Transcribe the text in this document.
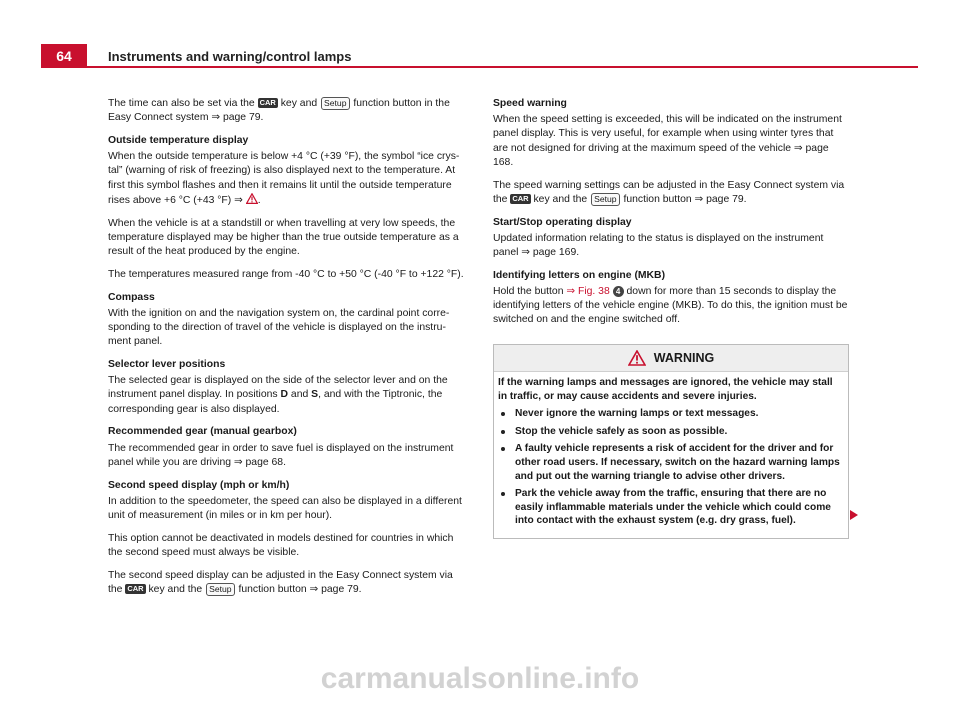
64	Instruments and warning/control lamps

The time can also be set via the CAR key and Setup function button in the Easy Connect system ⇒ page 79.

Outside temperature display

When the outside temperature is below +4 °C (+39 °F), the symbol “ice crystal” (warning of risk of freezing) is also displayed next to the temperature. At first this symbol flashes and then it remains lit until the outside temperature rises above +6 °C (+43 °F) ⇒ .

When the vehicle is at a standstill or when travelling at very low speeds, the temperature displayed may be higher than the true outside temperature as a result of the heat produced by the engine.

The temperatures measured range from -40 °C to +50 °C (-40 °F to +122 °F).

Compass

With the ignition on and the navigation system on, the cardinal point corresponding to the direction of travel of the vehicle is displayed on the instrument panel.

Selector lever positions

The selected gear is displayed on the side of the selector lever and on the instrument panel display. In positions D and S, and with the Tiptronic, the corresponding gear is also displayed.

Recommended gear (manual gearbox)

The recommended gear in order to save fuel is displayed on the instrument panel while you are driving ⇒ page 68.

Second speed display (mph or km/h)

In addition to the speedometer, the speed can also be displayed in a different unit of measurement (in miles or in km per hour).

This option cannot be deactivated in models destined for countries in which the second speed must always be visible.

The second speed display can be adjusted in the Easy Connect system via the CAR key and the Setup function button ⇒ page 79.

Speed warning

When the speed setting is exceeded, this will be indicated on the instrument panel display. This is very useful, for example when using winter tyres that are not designed for driving at the maximum speed of the vehicle ⇒ page 168.

The speed warning settings can be adjusted in the Easy Connect system via the CAR key and the Setup function button ⇒ page 79.

Start/Stop operating display

Updated information relating to the status is displayed on the instrument panel ⇒ page 169.

Identifying letters on engine (MKB)

Hold the button ⇒ Fig. 38 4 down for more than 15 seconds to display the identifying letters of the vehicle engine (MKB). To do this, the ignition must be switched on and the engine switched off.

WARNING

If the warning lamps and messages are ignored, the vehicle may stall in traffic, or may cause accidents and severe injuries.

Never ignore the warning lamps or text messages.
Stop the vehicle safely as soon as possible.
A faulty vehicle represents a risk of accident for the driver and for other road users. If necessary, switch on the hazard warning lamps and put out the warning triangle to advise other drivers.
Park the vehicle away from the traffic, ensuring that there are no easily inflammable materials under the vehicle which could come into contact with the exhaust system (e.g. dry grass, fuel).
carmanualsonline.info
